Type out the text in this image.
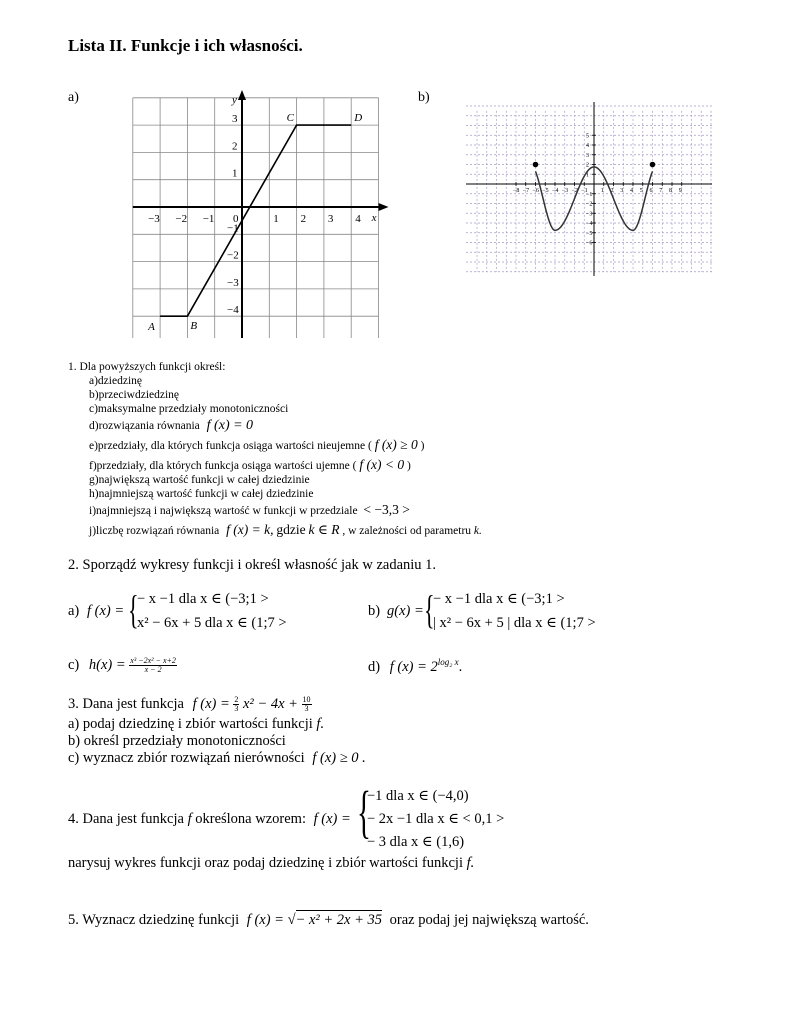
Lista II. Funkcje i ich własności.
a)
x
y
−3 −2 −1 0	1 2 3 4
3
2
1
−1
−2
−3
−4
A	B
C	D
b)
−8 −7 −6 −5 −4 −3 −2 −1 1 2 3 4 5 6 7 8 9
5
4
3
2
1
−1
−2
−3
−4
−5
−6
1. Dla powyższych funkcji określ:
a)dziedzinę
b)przeciwdziedzinę
c)maksymalne przedziały monotoniczności
d)rozwiązania równania f (x) = 0
e)przedziały, dla których funkcja osiąga wartości nieujemne ( f (x) ≥ 0 )
f)przedziały, dla których funkcja osiąga wartości ujemne ( f (x) < 0 )
g)największą wartość funkcji w całej dziedzinie
h)najmniejszą wartość funkcji w całej dziedzinie
i)najmniejszą i największą wartość w funkcji w przedziale < −3,3 >
j)liczbę rozwiązań równania f (x) = k, gdzie k ∈ R , w zależności od parametru k.
2. Sporządź wykresy funkcji i określ własność jak w zadaniu 1.
a) f (x) = {
− x −1 dla x ∈ (−3;1 >
x² − 6x + 5 dla x ∈ (1;7 >
b) g(x) = {
− x −1 dla x ∈ (−3;1 >
| x² − 6x + 5 | dla x ∈ (1;7 >
c) $h(x) = \frac{\text{x³ −2x² − x+2}}{x - 2}$	d) f $(x) = 2^{log_2 x}$.
3. Dana jest funkcja f $(x) = \frac{2}{3} x^2 - 4x + \frac{10}{3}$
a) podaj dziedzinę i zbiór wartości funkcji f.
b) określ przedziały monotoniczności
c) wyznacz zbiór rozwiązań nierówności f (x) ≥ 0 .
4. Dana jest funkcja f określona wzorem: f (x) = {
−1 dla x ∈ (−4,0)
− 2x −1 dla x ∈ < 0,1 >
− 3 dla x ∈ (1,6)
narysuj wykres funkcji oraz podaj dziedzinę i zbiór wartości funkcji f.
5. Wyznacz dziedzinę funkcji f (x) = √− x² + 2x + 35 oraz podaj jej największą wartość.
